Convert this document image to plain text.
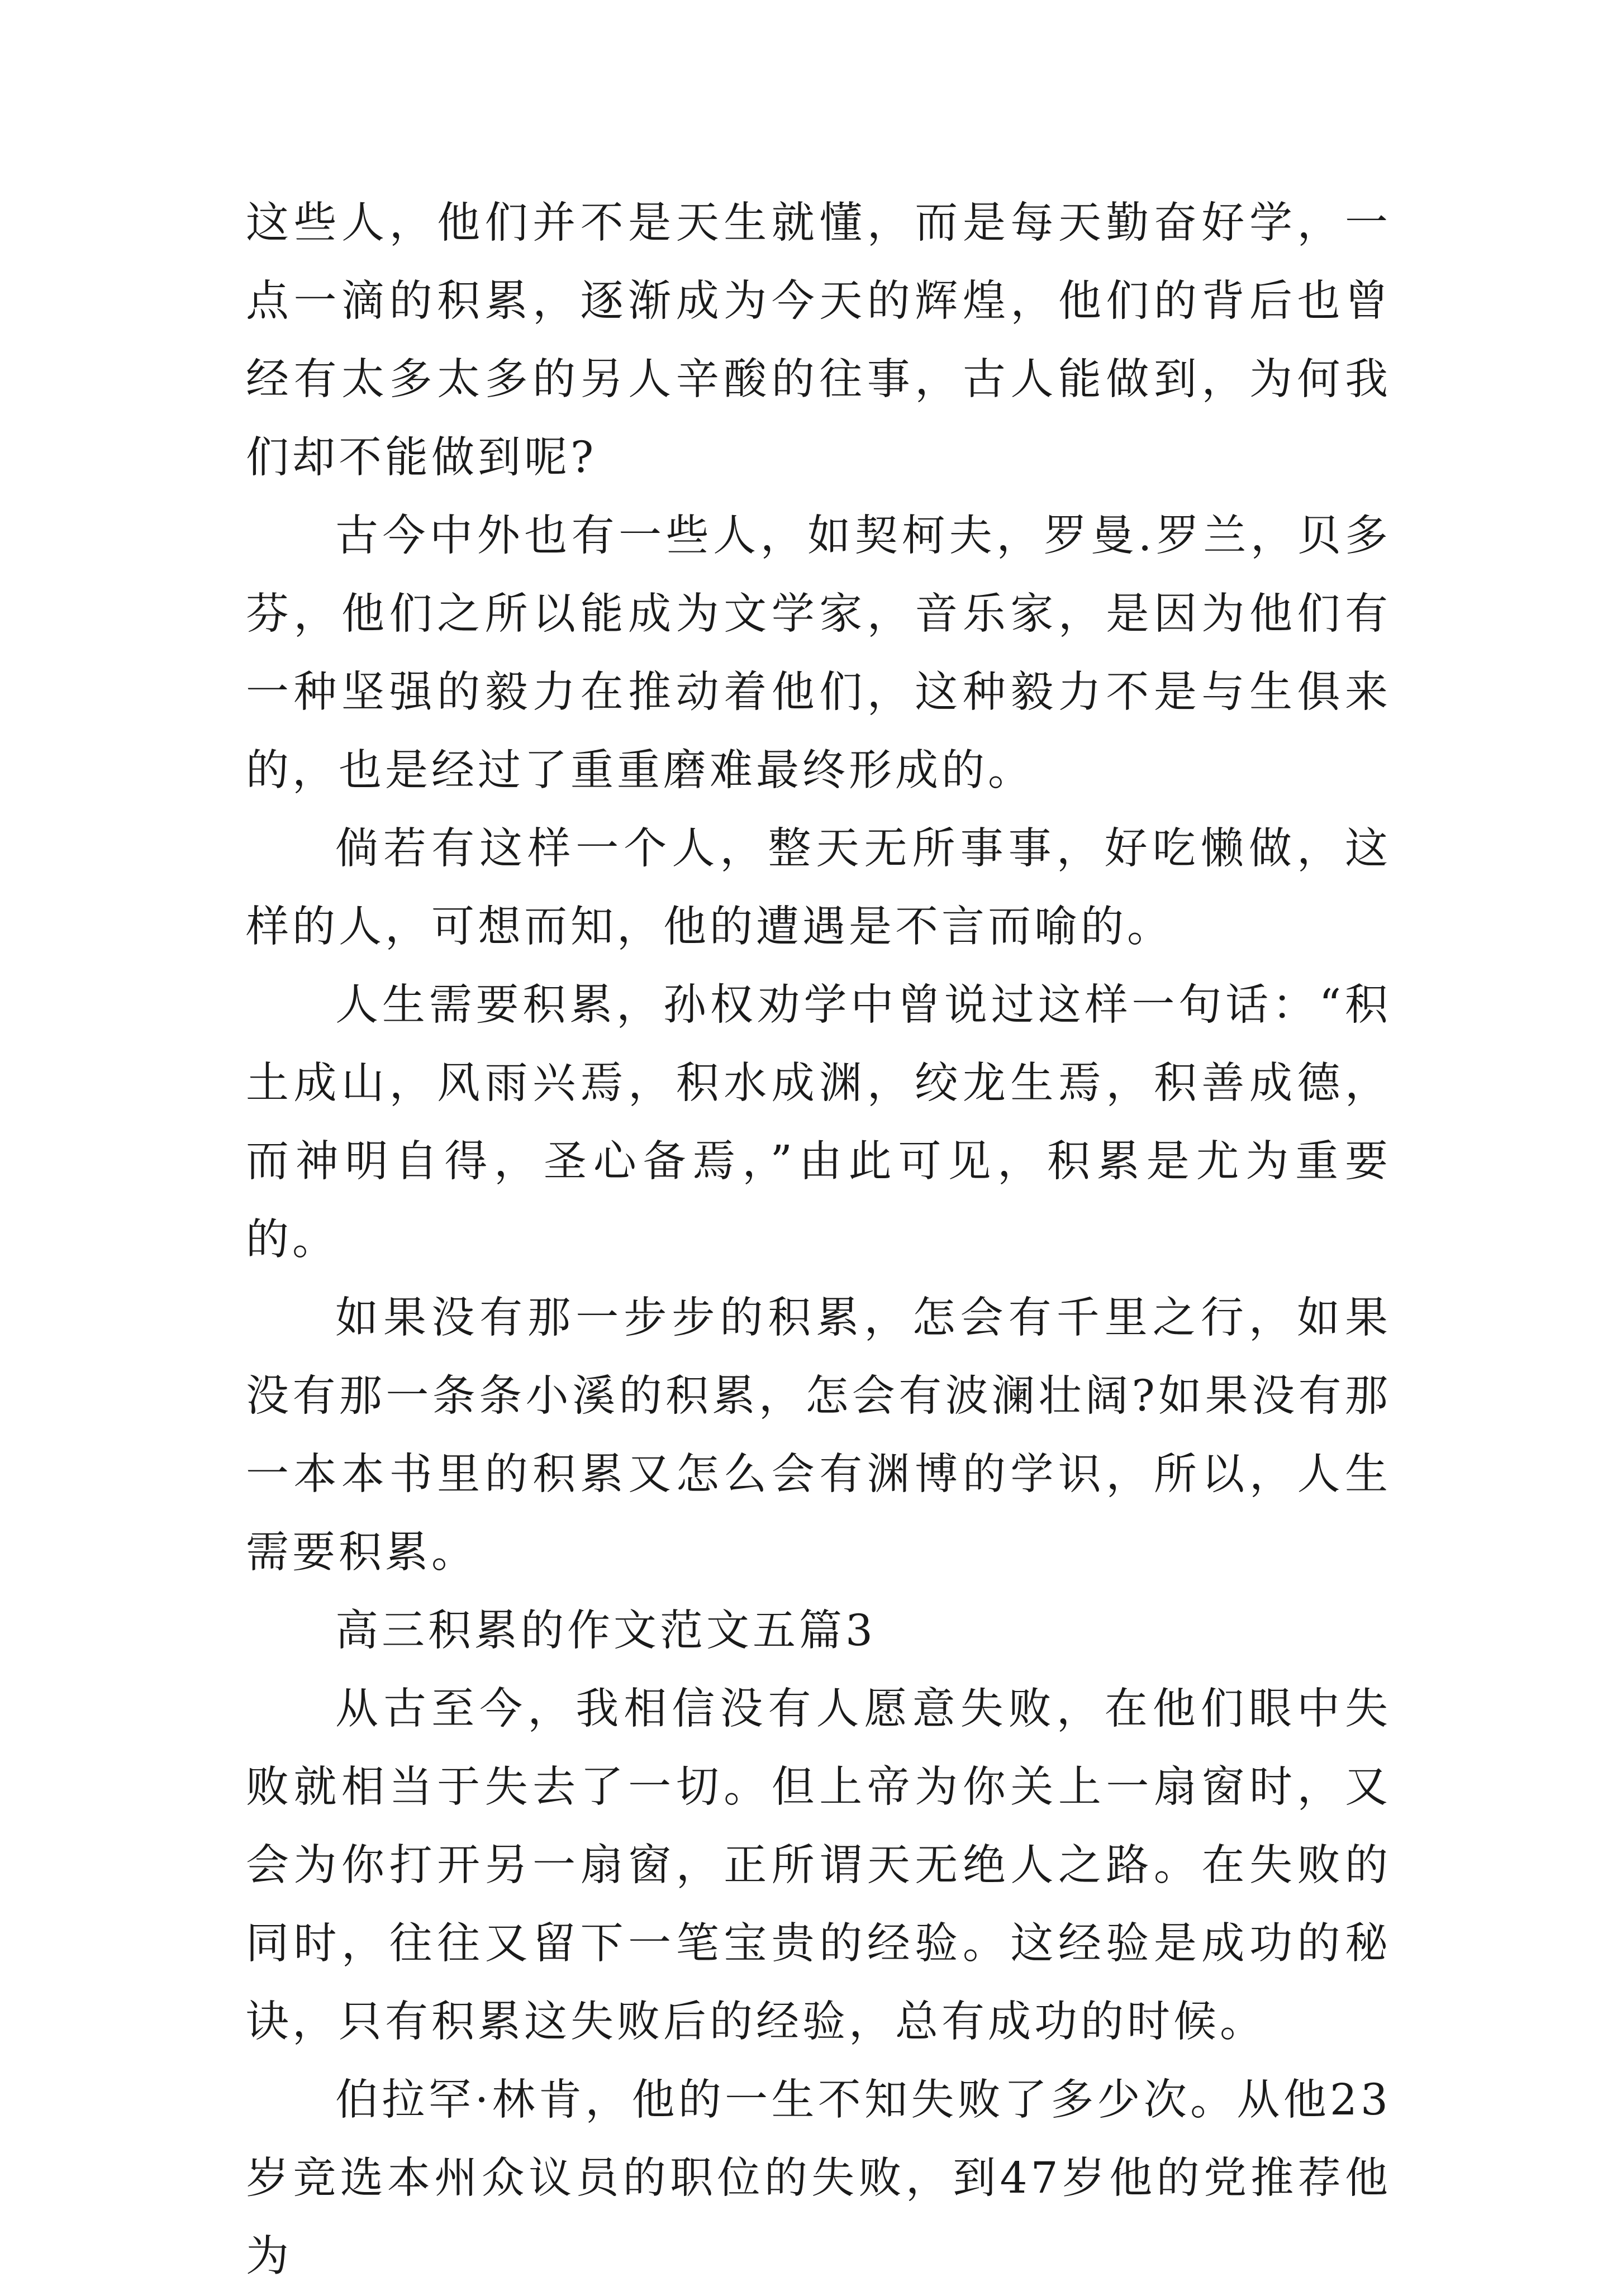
这些人，他们并不是天生就懂，而是每天勤奋好学，一点一滴的积累，逐渐成为今天的辉煌，他们的背后也曾经有太多太多的另人辛酸的往事，古人能做到，为何我们却不能做到呢?

古今中外也有一些人，如契柯夫，罗曼.罗兰，贝多芬，他们之所以能成为文学家，音乐家，是因为他们有一种坚强的毅力在推动着他们，这种毅力不是与生俱来的，也是经过了重重磨难最终形成的。

倘若有这样一个人，整天无所事事，好吃懒做，这样的人，可想而知，他的遭遇是不言而喻的。

人生需要积累，孙权劝学中曾说过这样一句话：“积土成山，风雨兴焉，积水成渊，绞龙生焉，积善成德，而神明自得，圣心备焉，”由此可见，积累是尤为重要的。

如果没有那一步步的积累，怎会有千里之行，如果没有那一条条小溪的积累，怎会有波澜壮阔?如果没有那一本本书里的积累又怎么会有渊博的学识，所以，人生需要积累。

高三积累的作文范文五篇3

从古至今，我相信没有人愿意失败，在他们眼中失败就相当于失去了一切。但上帝为你关上一扇窗时，又会为你打开另一扇窗，正所谓天无绝人之路。在失败的同时，往往又留下一笔宝贵的经验。这经验是成功的秘诀，只有积累这失败后的经验，总有成功的时候。

伯拉罕·林肯，他的一生不知失败了多少次。从他23岁竞选本州众议员的职位的失败，到47岁他的党推荐他为
